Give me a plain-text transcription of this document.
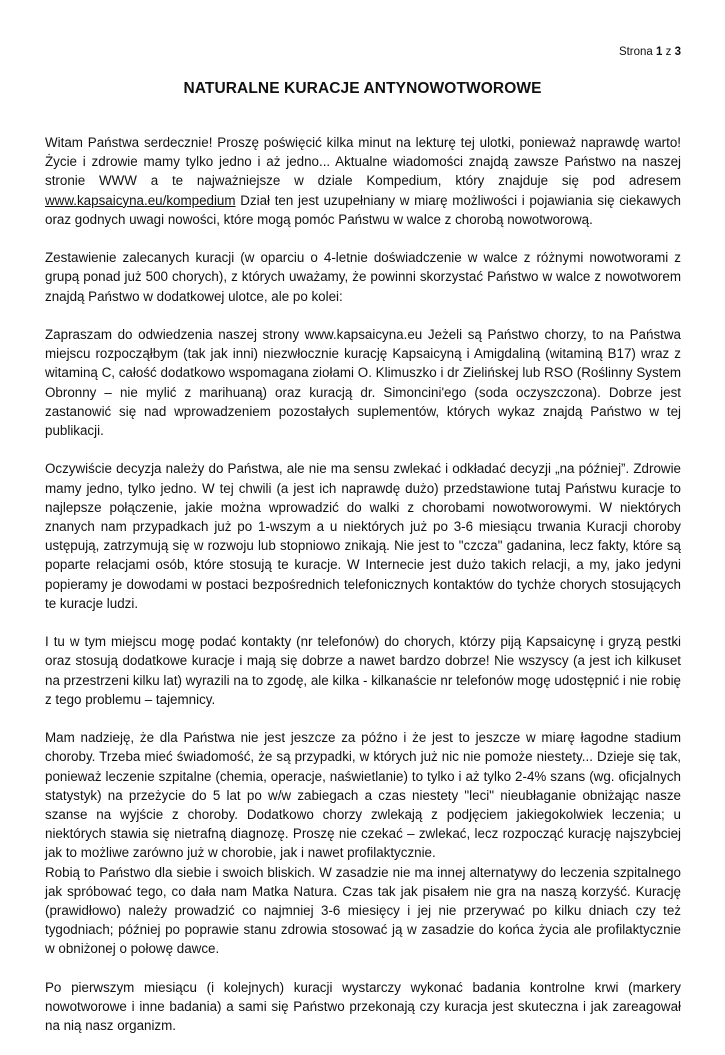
Strona 1 z 3
NATURALNE KURACJE ANTYNOWOTWOROWE

Witam Państwa serdecznie! Proszę poświęcić kilka minut na lekturę tej ulotki, ponieważ naprawdę warto! Życie i zdrowie mamy tylko jedno i aż jedno... Aktualne wiadomości znajdą zawsze Państwo na naszej stronie WWW a te najważniejsze w dziale Kompedium, który znajduje się pod adresem www.kapsaicyna.eu/kompedium Dział ten jest uzupełniany w miarę możliwości i pojawiania się ciekawych oraz godnych uwagi nowości, które mogą pomóc Państwu w walce z chorobą nowotworową.

Zestawienie zalecanych kuracji (w oparciu o 4-letnie doświadczenie w walce z różnymi nowotworami z grupą ponad już 500 chorych), z których uważamy, że powinni skorzystać Państwo w walce z nowotworem znajdą Państwo w dodatkowej ulotce, ale po kolei:

Zapraszam do odwiedzenia naszej strony www.kapsaicyna.eu Jeżeli są Państwo chorzy, to na Państwa miejscu rozpocząłbym (tak jak inni) niezwłocznie kurację Kapsaicyną i Amigdaliną (witaminą B17) wraz z witaminą C, całość dodatkowo wspomagana ziołami O. Klimuszko i dr Zielińskej lub RSO (Roślinny System Obronny – nie mylić z marihuaną) oraz kuracją dr. Simoncini'ego (soda oczyszczona). Dobrze jest zastanowić się nad wprowadzeniem pozostałych suplementów, których wykaz znajdą Państwo w tej publikacji.

Oczywiście decyzja należy do Państwa, ale nie ma sensu zwlekać i odkładać decyzji „na później”. Zdrowie mamy jedno, tylko jedno. W tej chwili (a jest ich naprawdę dużo) przedstawione tutaj Państwu kuracje to najlepsze połączenie, jakie można wprowadzić do walki z chorobami nowotworowymi. W niektórych znanych nam przypadkach już po 1-wszym a u niektórych już po 3-6 miesiącu trwania Kuracji choroby ustępują, zatrzymują się w rozwoju lub stopniowo znikają. Nie jest to "czcza" gadanina, lecz fakty, które są poparte relacjami osób, które stosują te kuracje. W Internecie jest dużo takich relacji, a my, jako jedyni popieramy je dowodami w postaci bezpośrednich telefonicznych kontaktów do tychże chorych stosujących te kuracje ludzi.

I tu w tym miejscu mogę podać kontakty (nr telefonów) do chorych, którzy piją Kapsaicynę i gryzą pestki oraz stosują dodatkowe kuracje i mają się dobrze a nawet bardzo dobrze! Nie wszyscy (a jest ich kilkuset na przestrzeni kilku lat) wyrazili na to zgodę, ale kilka - kilkanaście nr telefonów mogę udostępnić i nie robię z tego problemu – tajemnicy.

Mam nadzieję, że dla Państwa nie jest jeszcze za późno i że jest to jeszcze w miarę łagodne stadium choroby. Trzeba mieć świadomość, że są przypadki, w których już nic nie pomoże niestety... Dzieje się tak, ponieważ leczenie szpitalne (chemia, operacje, naświetlanie) to tylko i aż tylko 2-4% szans (wg. oficjalnych statystyk) na przeżycie do 5 lat po w/w zabiegach a czas niestety "leci" nieubłaganie obniżając nasze szanse na wyjście z choroby. Dodatkowo chorzy zwlekają z podjęciem jakiegokolwiek leczenia; u niektórych stawia się nietrafną diagnozę. Proszę nie czekać – zwlekać, lecz rozpocząć kurację najszybciej jak to możliwe zarówno już w chorobie, jak i nawet profilaktycznie.

Robią to Państwo dla siebie i swoich bliskich. W zasadzie nie ma innej alternatywy do leczenia szpitalnego jak spróbować tego, co dała nam Matka Natura. Czas tak jak pisałem nie gra na naszą korzyść. Kurację (prawidłowo) należy prowadzić co najmniej 3-6 miesięcy i jej nie przerywać po kilku dniach czy też tygodniach; później po poprawie stanu zdrowia stosować ją w zasadzie do końca życia ale profilaktycznie w obniżonej o połowę dawce.

Po pierwszym miesiącu (i kolejnych) kuracji wystarczy wykonać badania kontrolne krwi (markery nowotworowe i inne badania) a sami się Państwo przekonają czy kuracja jest skuteczna i jak zareagował na nią nasz organizm.
